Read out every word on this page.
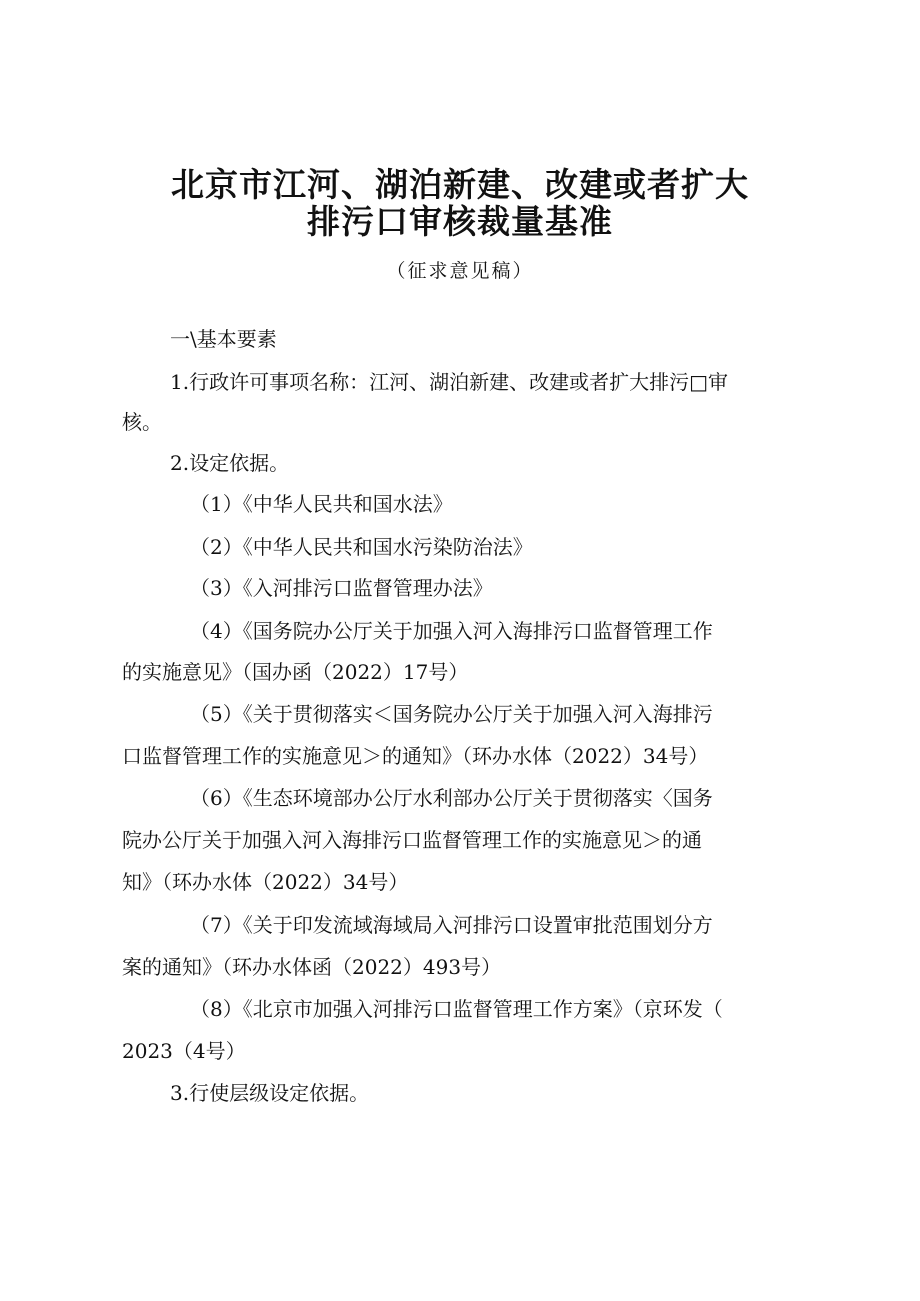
北京市江河、湖泊新建、改建或者扩大
排污口审核裁量基准
（征求意见稿）
一\基本要素
1.行政许可事项名称：江河、湖泊新建、改建或者扩大排污□审
核。
2.设定依据。
（1）《中华人民共和国水法》
（2）《中华人民共和国水污染防治法》
（3）《入河排污口监督管理办法》
（4）《国务院办公厅关于加强入河入海排污口监督管理工作
的实施意见》（国办函（2022）17号）
（5）《关于贯彻落实＜国务院办公厅关于加强入河入海排污
口监督管理工作的实施意见＞的通知》（环办水体（2022）34号）
（6）《生态环境部办公厅水利部办公厅关于贯彻落实〈国务
院办公厅关于加强入河入海排污口监督管理工作的实施意见＞的通
知》（环办水体（2022）34号）
（7）《关于印发流域海域局入河排污口设置审批范围划分方
案的通知》（环办水体函（2022）493号）
（8）《北京市加强入河排污口监督管理工作方案》（京环发（
2023（4号）
3.行使层级设定依据。
